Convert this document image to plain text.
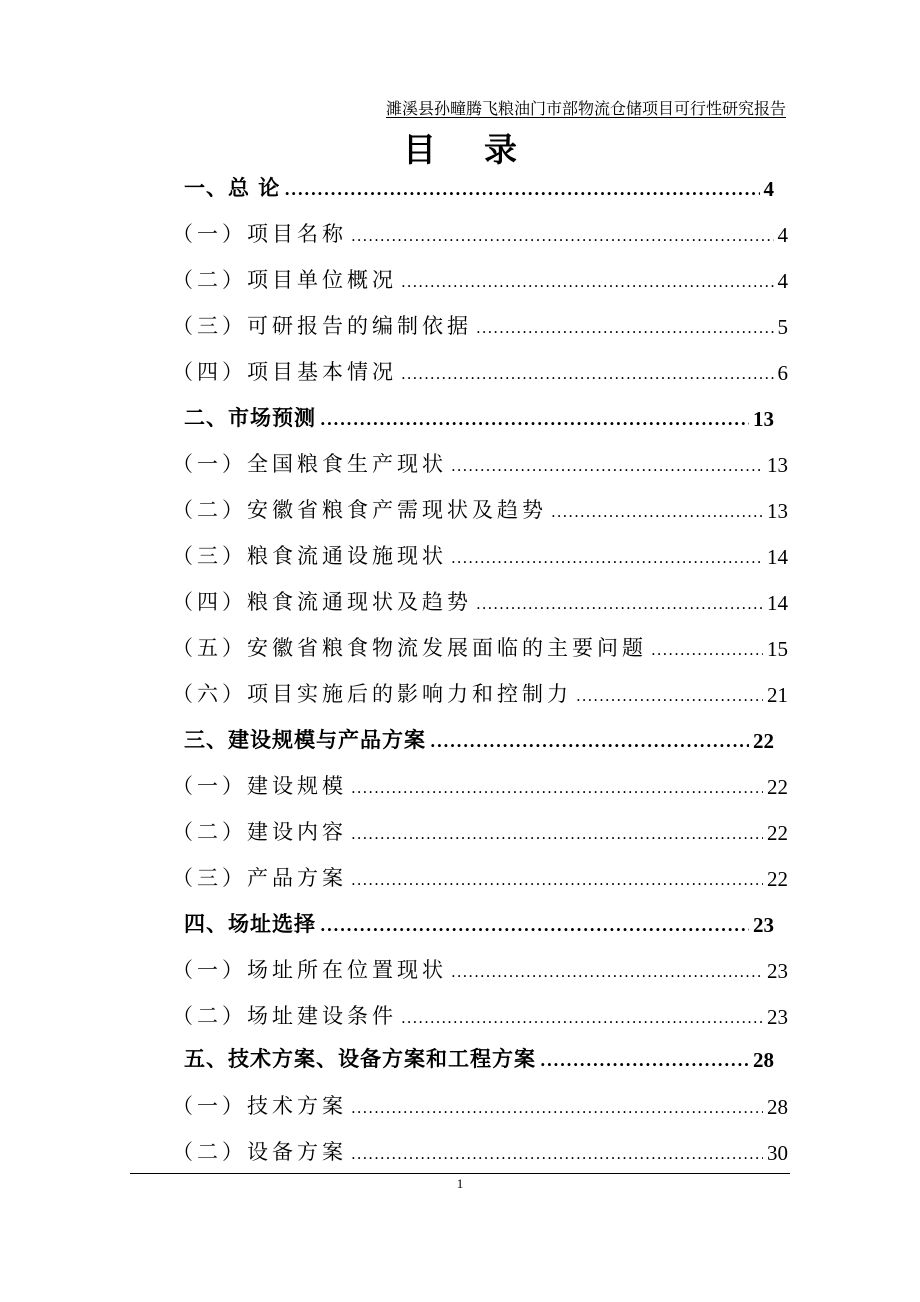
濉溪县孙疃腾飞粮油门市部物流仓储项目可行性研究报告
目录
一、总 论 .....	4
（一）项目名称 .....	4
（二）项目单位概况 .....	4
（三）可研报告的编制依据 .....	5
（四）项目基本情况 .....	6
二、市场预测 .....	13
（一）全国粮食生产现状 .....	13
（二）安徽省粮食产需现状及趋势 .....	13
（三）粮食流通设施现状 .....	14
（四）粮食流通现状及趋势 .....	14
（五）安徽省粮食物流发展面临的主要问题 .....	15
（六）项目实施后的影响力和控制力 .....	21
三、建设规模与产品方案 .....	22
（一）建设规模 .....	22
（二）建设内容 .....	22
（三）产品方案 .....	22
四、场址选择 .....	23
（一）场址所在位置现状 .....	23
（二）场址建设条件 .....	23
五、技术方案、设备方案和工程方案 .....	28
（一）技术方案 .....	28
（二）设备方案 .....	30
1
